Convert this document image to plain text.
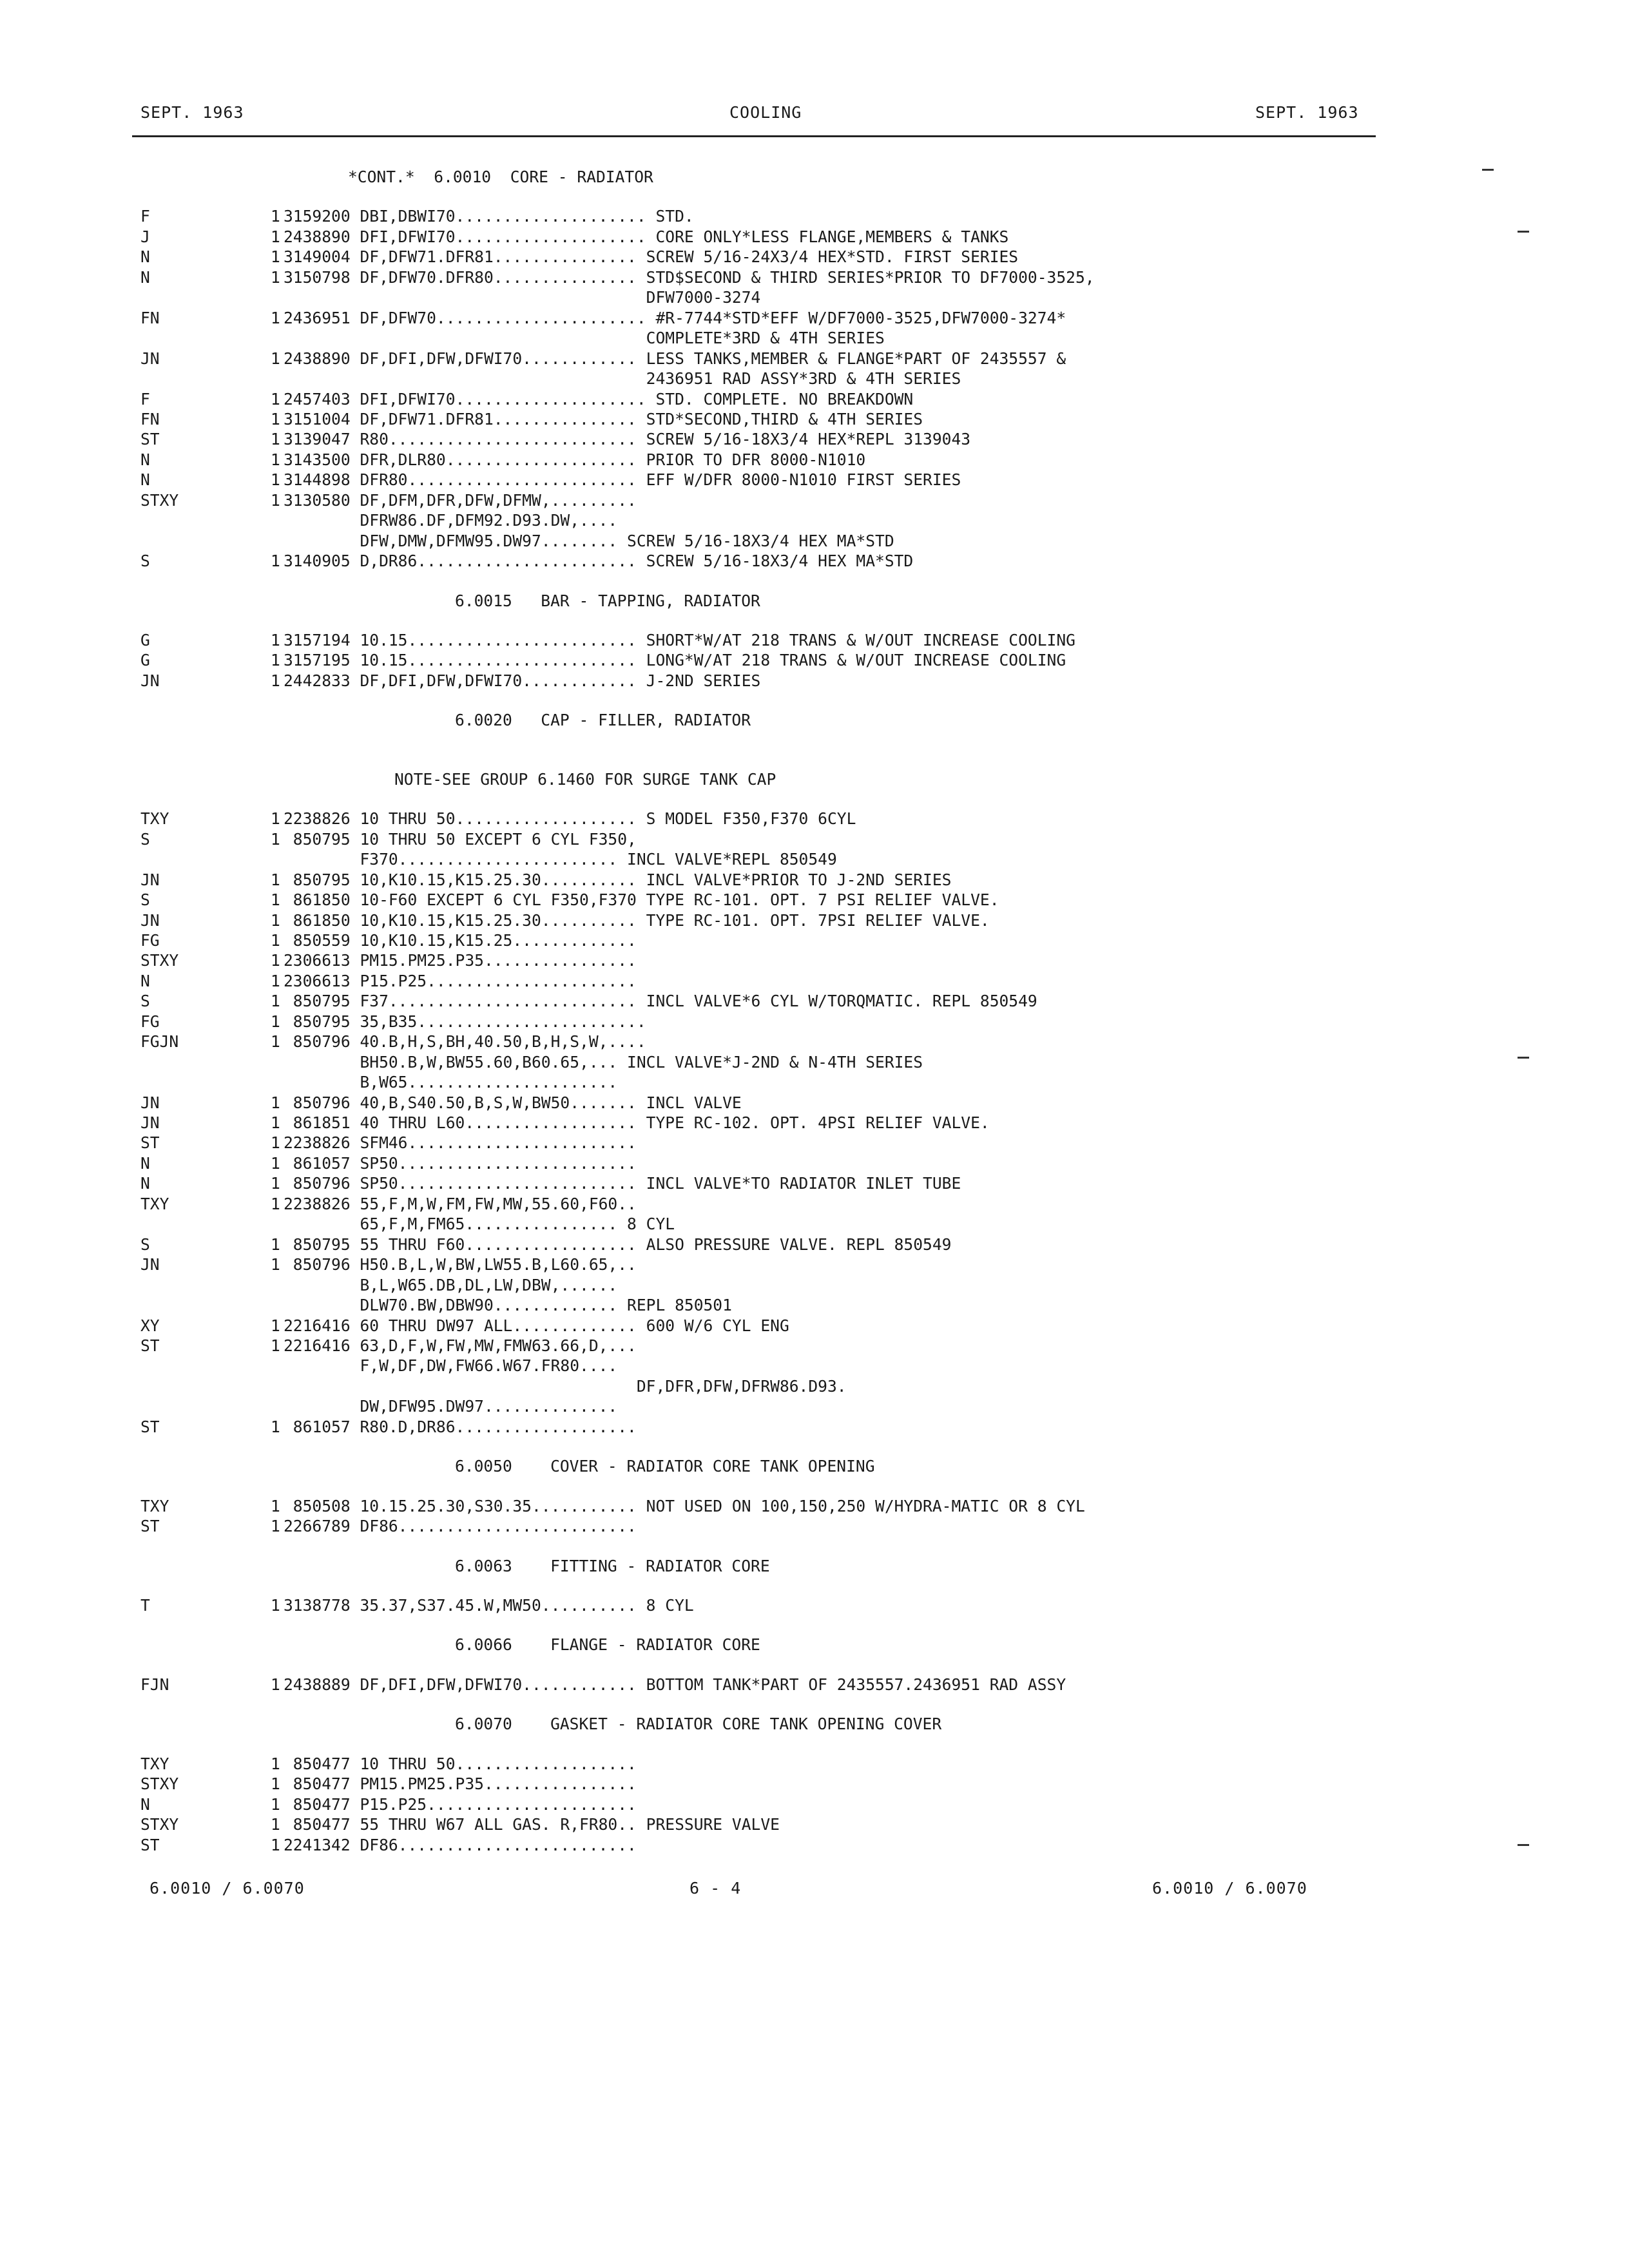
SEPT. 1963	COOLING	SEPT. 1963
*CONT.*  6.0010  CORE - RADIATOR
F	1 3159200 DBI,DBWI70.................... STD.
J	1 2438890 DFI,DFWI70.................... CORE ONLY*LESS FLANGE,MEMBERS & TANKS
N	1 3149004 DF,DFW71.DFR81............... SCREW 5/16-24X3/4 HEX*STD. FIRST SERIES
N	1 3150798 DF,DFW70.DFR80............... STD$SECOND & THIRD SERIES*PRIOR TO DF7000-3525,
DFW7000-3274
FN	1 2436951 DF,DFW70...................... #R-7744*STD*EFF W/DF7000-3525,DFW7000-3274*
COMPLETE*3RD & 4TH SERIES
JN	1 2438890 DF,DFI,DFW,DFWI70............ LESS TANKS,MEMBER & FLANGE*PART OF 2435557 &
2436951 RAD ASSY*3RD & 4TH SERIES
F	1 2457403 DFI,DFWI70.................... STD. COMPLETE. NO BREAKDOWN
FN	1 3151004 DF,DFW71.DFR81............... STD*SECOND,THIRD & 4TH SERIES
ST	1 3139047 R80.......................... SCREW 5/16-18X3/4 HEX*REPL 3139043
N	1 3143500 DFR,DLR80.................... PRIOR TO DFR 8000-N1010
N	1 3144898 DFR80........................ EFF W/DFR 8000-N1010 FIRST SERIES
STXY	1 3130580 DF,DFM,DFR,DFW,DFMW,.........
DFRW86.DF,DFM92.D93.DW,....
DFW,DMW,DFMW95.DW97........ SCREW 5/16-18X3/4 HEX MA*STD
S	1 3140905 D,DR86....................... SCREW 5/16-18X3/4 HEX MA*STD
6.0015   BAR - TAPPING, RADIATOR
G	1 3157194 10.15........................ SHORT*W/AT 218 TRANS & W/OUT INCREASE COOLING
G	1 3157195 10.15........................ LONG*W/AT 218 TRANS & W/OUT INCREASE COOLING
JN	1 2442833 DF,DFI,DFW,DFWI70............ J-2ND SERIES
6.0020   CAP - FILLER, RADIATOR
NOTE-SEE GROUP 6.1460 FOR SURGE TANK CAP
TXY	1 2238826 10 THRU 50................... S MODEL F350,F370 6CYL
S	1 850795 10 THRU 50 EXCEPT 6 CYL F350,
F370....................... INCL VALVE*REPL 850549
JN	1 850795 10,K10.15,K15.25.30.......... INCL VALVE*PRIOR TO J-2ND SERIES
S	1 861850 10-F60 EXCEPT 6 CYL F350,F370 TYPE RC-101. OPT. 7 PSI RELIEF VALVE.
JN	1 861850 10,K10.15,K15.25.30.......... TYPE RC-101. OPT. 7PSI RELIEF VALVE.
FG	1 850559 10,K10.15,K15.25.............
STXY	1 2306613 PM15.PM25.P35................
N	1 2306613 P15.P25......................
S	1 850795 F37.......................... INCL VALVE*6 CYL W/TORQMATIC. REPL 850549
FG	1 850795 35,B35........................
FGJN	1 850796 40.B,H,S,BH,40.50,B,H,S,W,....
BH50.B,W,BW55.60,B60.65,... INCL VALVE*J-2ND & N-4TH SERIES
B,W65......................
JN	1 850796 40,B,S40.50,B,S,W,BW50....... INCL VALVE
JN	1 861851 40 THRU L60.................. TYPE RC-102. OPT. 4PSI RELIEF VALVE.
ST	1 2238826 SFM46........................
N	1 861057 SP50.........................
N	1 850796 SP50......................... INCL VALVE*TO RADIATOR INLET TUBE
TXY	1 2238826 55,F,M,W,FM,FW,MW,55.60,F60..
65,F,M,FM65................ 8 CYL
S	1 850795 55 THRU F60.................. ALSO PRESSURE VALVE. REPL 850549
JN	1 850796 H50.B,L,W,BW,LW55.B,L60.65,..
B,L,W65.DB,DL,LW,DBW,......
DLW70.BW,DBW90............. REPL 850501
XY	1 2216416 60 THRU DW97 ALL............. 600 W/6 CYL ENG
ST	1 2216416 63,D,F,W,FW,MW,FMW63.66,D,...
F,W,DF,DW,FW66.W67.FR80....
DF,DFR,DFW,DFRW86.D93.
DW,DFW95.DW97..............
ST	1 861057 R80.D,DR86...................
6.0050    COVER - RADIATOR CORE TANK OPENING
TXY	1 850508 10.15.25.30,S30.35........... NOT USED ON 100,150,250 W/HYDRA-MATIC OR 8 CYL
ST	1 2266789 DF86.........................
6.0063    FITTING - RADIATOR CORE
T	1 3138778 35.37,S37.45.W,MW50.......... 8 CYL
6.0066    FLANGE - RADIATOR CORE
FJN	1 2438889 DF,DFI,DFW,DFWI70............ BOTTOM TANK*PART OF 2435557.2436951 RAD ASSY
6.0070    GASKET - RADIATOR CORE TANK OPENING COVER
TXY	1 850477 10 THRU 50...................
STXY	1 850477 PM15.PM25.P35................
N	1 850477 P15.P25......................
STXY	1 850477 55 THRU W67 ALL GAS. R,FR80.. PRESSURE VALVE
ST	1 2241342 DF86.........................
6.0010 / 6.0070	6 - 4	6.0010 / 6.0070
